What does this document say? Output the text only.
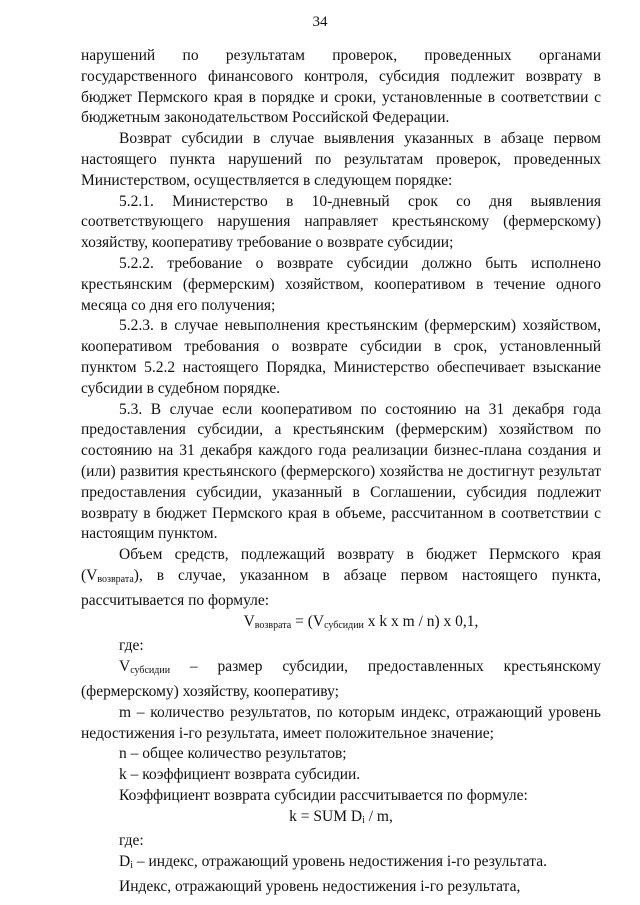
34

нарушений по результатам проверок, проведенных органами государственного финансового контроля, субсидия подлежит возврату в бюджет Пермского края в порядке и сроки, установленные в соответствии с бюджетным законодательством Российской Федерации.

Возврат субсидии в случае выявления указанных в абзаце первом настоящего пункта нарушений по результатам проверок, проведенных Министерством, осуществляется в следующем порядке:

5.2.1. Министерство в 10-дневный срок со дня выявления соответствующего нарушения направляет крестьянскому (фермерскому) хозяйству, кооперативу требование о возврате субсидии;

5.2.2. требование о возврате субсидии должно быть исполнено крестьянским (фермерским) хозяйством, кооперативом в течение одного месяца со дня его получения;

5.2.3. в случае невыполнения крестьянским (фермерским) хозяйством, кооперативом требования о возврате субсидии в срок, установленный пунктом 5.2.2 настоящего Порядка, Министерство обеспечивает взыскание субсидии в судебном порядке.

5.3. В случае если кооперативом по состоянию на 31 декабря года предоставления субсидии, а крестьянским (фермерским) хозяйством по состоянию на 31 декабря каждого года реализации бизнес-плана создания и (или) развития крестьянского (фермерского) хозяйства не достигнут результат предоставления субсидии, указанный в Соглашении, субсидия подлежит возврату в бюджет Пермского края в объеме, рассчитанном в соответствии с настоящим пунктом.

Объем средств, подлежащий возврату в бюджет Пермского края $(V_{возврата})$, в случае, указанном в абзаце первом настоящего пункта, рассчитывается по формуле:

$V_{возврата} = (V_{субсидии}$ x k x m / n) x 0,1,

где:

$V_{субсидии}$ – размер субсидии, предоставленных крестьянскому (фермерскому) хозяйству, кооперативу;

m – количество результатов, по которым индекс, отражающий уровень недостижения i-го результата, имеет положительное значение;

n – общее количество результатов;

k – коэффициент возврата субсидии.

Коэффициент возврата субсидии рассчитывается по формуле:

k = SUM $D_i$ / m,

где:

$D_i$ – индекс, отражающий уровень недостижения i-го результата.

Индекс, отражающий уровень недостижения i-го результата,
